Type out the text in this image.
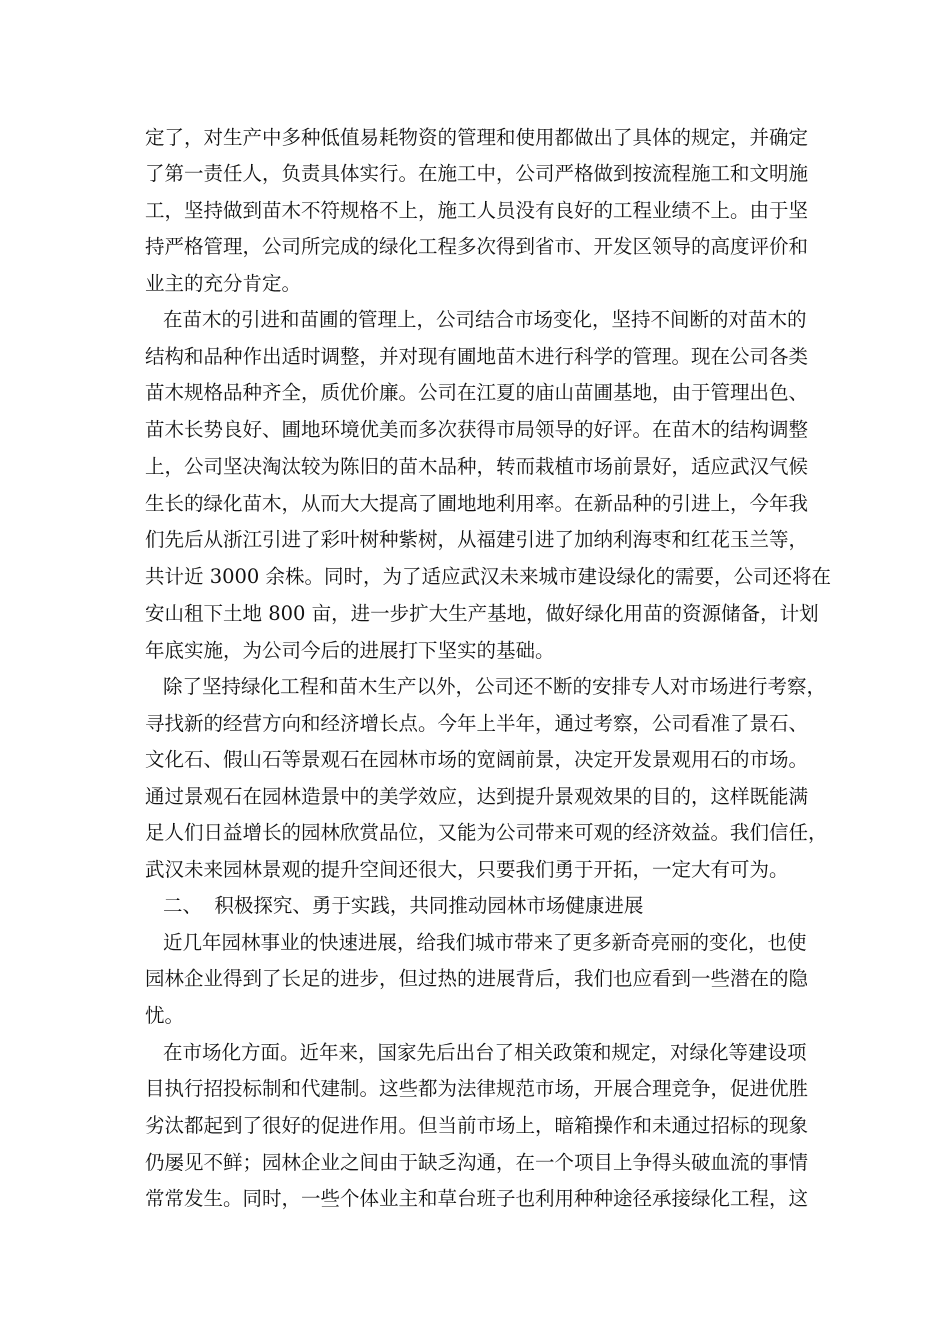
定了，对生产中多种低值易耗物资的管理和使用都做出了具体的规定，并确定
了第一责任人，负责具体实行。在施工中，公司严格做到按流程施工和文明施
工，坚持做到苗木不符规格不上，施工人员没有良好的工程业绩不上。由于坚
持严格管理，公司所完成的绿化工程多次得到省市、开发区领导的高度评价和
业主的充分肯定。
在苗木的引进和苗圃的管理上，公司结合市场变化，坚持不间断的对苗木的
结构和品种作出适时调整，并对现有圃地苗木进行科学的管理。现在公司各类
苗木规格品种齐全，质优价廉。公司在江夏的庙山苗圃基地，由于管理出色、
苗木长势良好、圃地环境优美而多次获得市局领导的好评。在苗木的结构调整
上，公司坚决淘汰较为陈旧的苗木品种，转而栽植市场前景好，适应武汉气候
生长的绿化苗木，从而大大提高了圃地地利用率。在新品种的引进上，今年我
们先后从浙江引进了彩叶树种紫树，从福建引进了加纳利海枣和红花玉兰等，
共计近 3000 余株。同时，为了适应武汉未来城市建设绿化的需要，公司还将在
安山租下土地 800 亩，进一步扩大生产基地，做好绿化用苗的资源储备，计划
年底实施，为公司今后的进展打下坚实的基础。
除了坚持绿化工程和苗木生产以外，公司还不断的安排专人对市场进行考察，
寻找新的经营方向和经济增长点。今年上半年，通过考察，公司看准了景石、
文化石、假山石等景观石在园林市场的宽阔前景，决定开发景观用石的市场。
通过景观石在园林造景中的美学效应，达到提升景观效果的目的，这样既能满
足人们日益增长的园林欣赏品位，又能为公司带来可观的经济效益。我们信任，
武汉未来园林景观的提升空间还很大，只要我们勇于开拓，一定大有可为。
二、  积极探究、勇于实践，共同推动园林市场健康进展
近几年园林事业的快速进展，给我们城市带来了更多新奇亮丽的变化，也使
园林企业得到了长足的进步，但过热的进展背后，我们也应看到一些潜在的隐
忧。
在市场化方面。近年来，国家先后出台了相关政策和规定，对绿化等建设项
目执行招投标制和代建制。这些都为法律规范市场，开展合理竞争，促进优胜
劣汰都起到了很好的促进作用。但当前市场上，暗箱操作和未通过招标的现象
仍屡见不鲜；园林企业之间由于缺乏沟通，在一个项目上争得头破血流的事情
常常发生。同时，一些个体业主和草台班子也利用种种途径承接绿化工程，这
